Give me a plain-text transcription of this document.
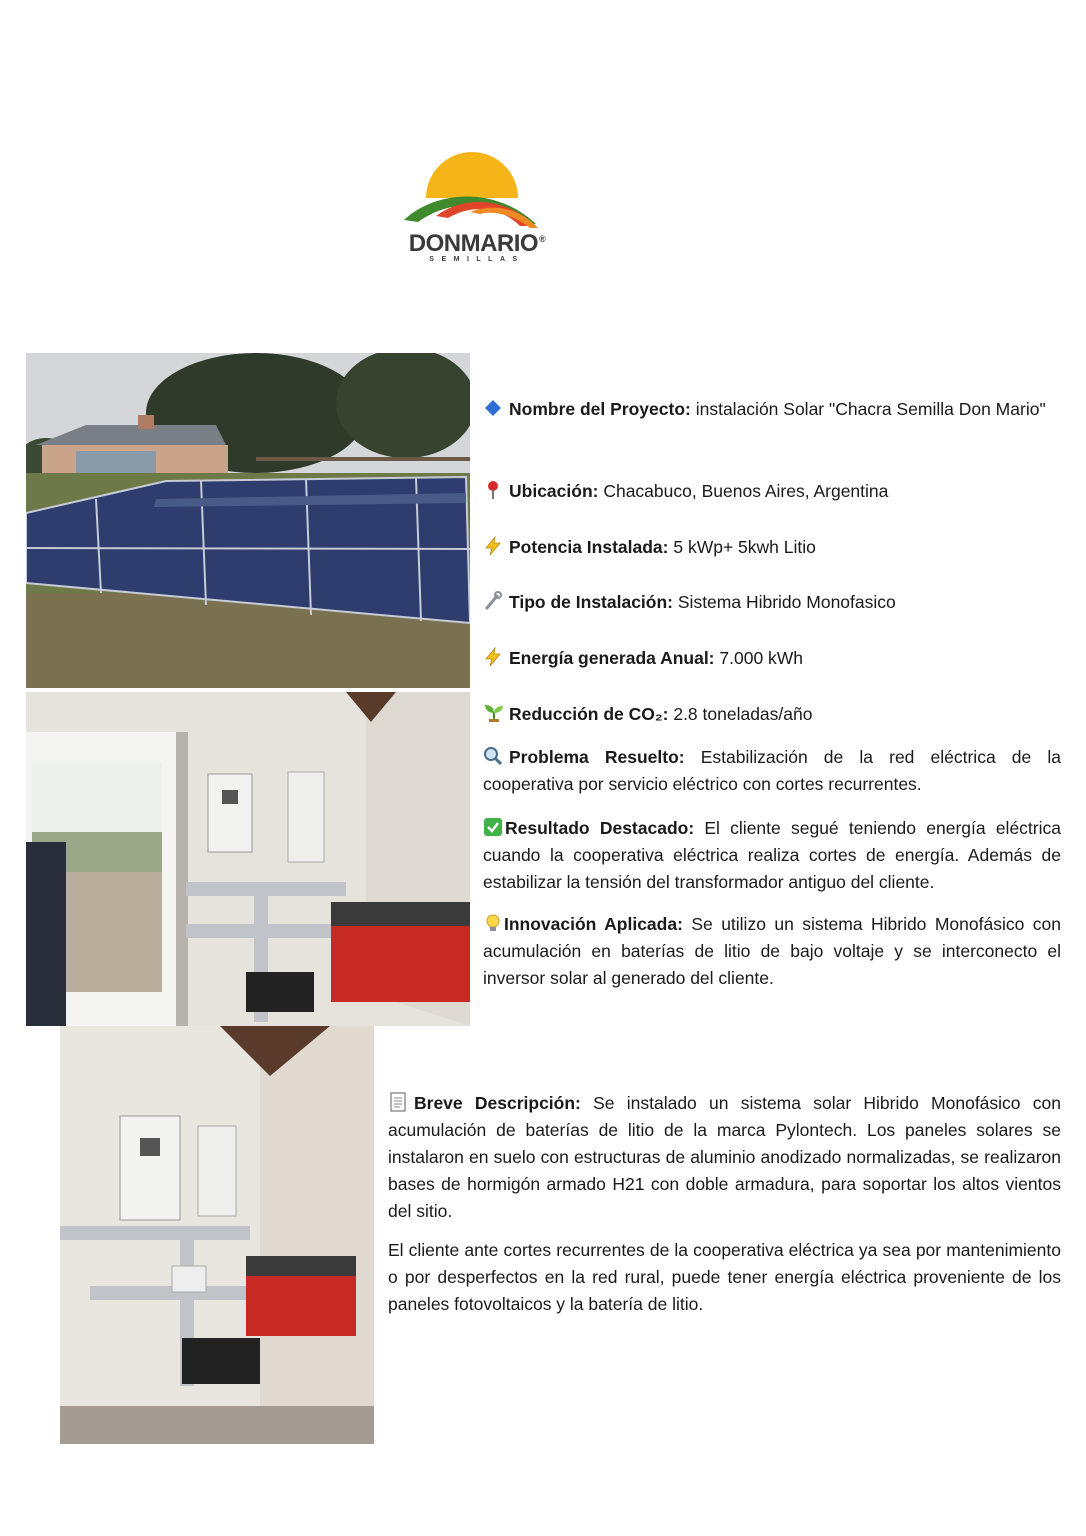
DONMARIO®
SEMILLAS
Nombre del Proyecto: instalación Solar "Chacra Semilla Don Mario"
Ubicación: Chacabuco, Buenos Aires, Argentina
Potencia Instalada: 5 kWp+ 5kwh Litio
Tipo de Instalación: Sistema Hibrido Monofasico
Energía generada Anual: 7.000 kWh
Reducción de CO₂: 2.8 toneladas/año
Problema Resuelto: Estabilización de la red eléctrica de la cooperativa por servicio eléctrico con cortes recurrentes.
Resultado Destacado: El cliente segué teniendo energía eléctrica cuando la cooperativa eléctrica realiza cortes de energía. Además de estabilizar la tensión del transformador antiguo del cliente.
Innovación Aplicada: Se utilizo un sistema Hibrido Monofásico con acumulación en baterías de litio de bajo voltaje y se interconecto el inversor solar al generado del cliente.
Breve Descripción: Se instalado un sistema solar Hibrido Monofásico con acumulación de baterías de litio de la marca Pylontech. Los paneles solares se instalaron en suelo con estructuras de aluminio anodizado normalizadas, se realizaron bases de hormigón armado H21 con doble armadura, para soportar los altos vientos del sitio.
El cliente ante cortes recurrentes de la cooperativa eléctrica ya sea por mantenimiento o por desperfectos en la red rural, puede tener energía eléctrica proveniente de los paneles fotovoltaicos y la batería de litio.
